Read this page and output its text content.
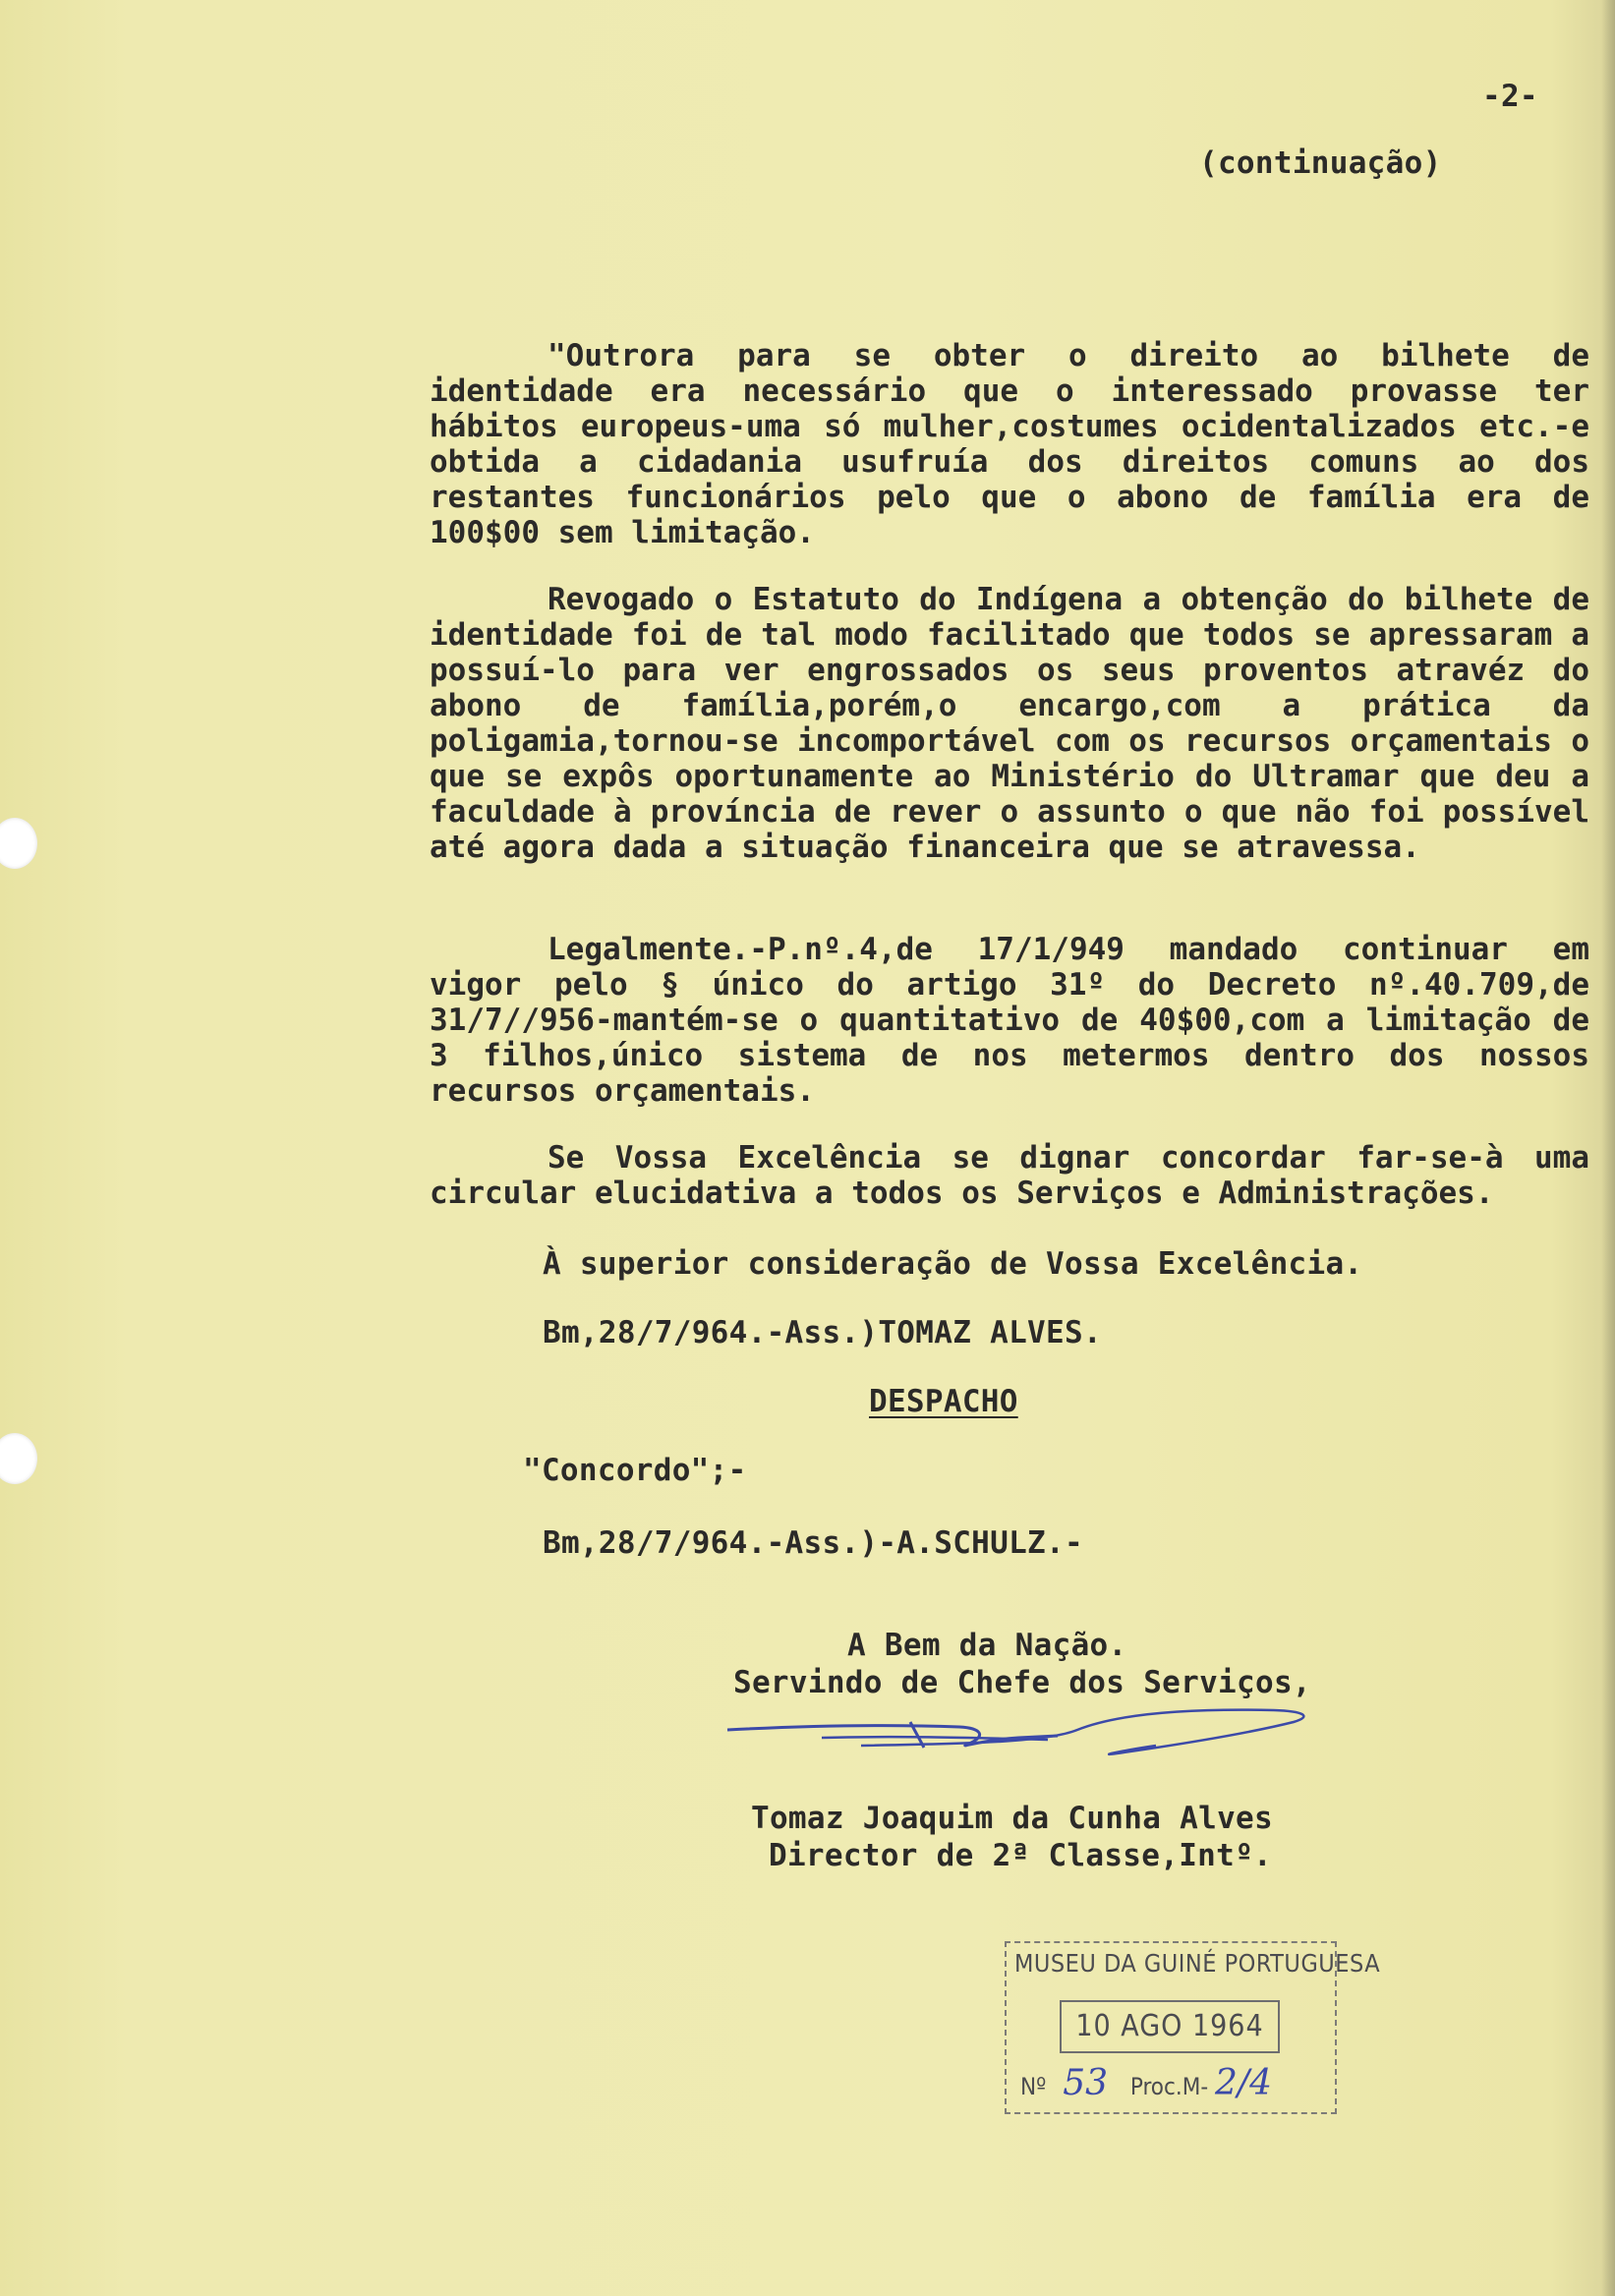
-2-
(continuação)
"Outrora para se obter o direito ao bilhete de identidade era necessário que o interessado provasse ter hábitos europeus-uma só mulher,costumes ocidentalizados etc.-e obtida a cidadania usufruía dos direitos comuns ao dos restantes funcionários pelo que o abono de família era de 100$00 sem limitação.
Revogado o Estatuto do Indígena a obtenção do bilhete de identidade foi de tal modo facilitado que todos se apressaram a possuí-lo para ver engrossados os seus proventos atravéz do abono de família,porém,o encargo,com a prática da poligamia,tornou-se incomportável com os recursos orçamentais o que se expôs oportunamente ao Ministério do Ultramar que deu a faculdade à província de rever o assunto o que não foi possível até agora dada a situação financeira que se atravessa.
Legalmente.-P.nº.4,de 17/1/949 mandado continuar em vigor pelo § único do artigo 31º do Decreto nº.40.709,de 31/7//956-mantém-se o quantitativo de 40$00,com a limitação de 3 filhos,único sistema de nos metermos dentro dos nossos recursos orçamentais.
Se Vossa Excelência se dignar concordar far-se-à uma circular elucidativa a todos os Serviços e Administrações.
À superior consideração de Vossa Excelência.
Bm,28/7/964.-Ass.)TOMAZ ALVES.
DESPACHO
"Concordo";-
Bm,28/7/964.-Ass.)-A.SCHULZ.-
A Bem da Nação.
Servindo de Chefe dos Serviços,
Tomaz Joaquim da Cunha Alves
Director de 2ª Classe,Intº.
MUSEU DA GUINÉ PORTUGUESA
10 AGO 1964
Nº 53 Proc.M- 2/4
